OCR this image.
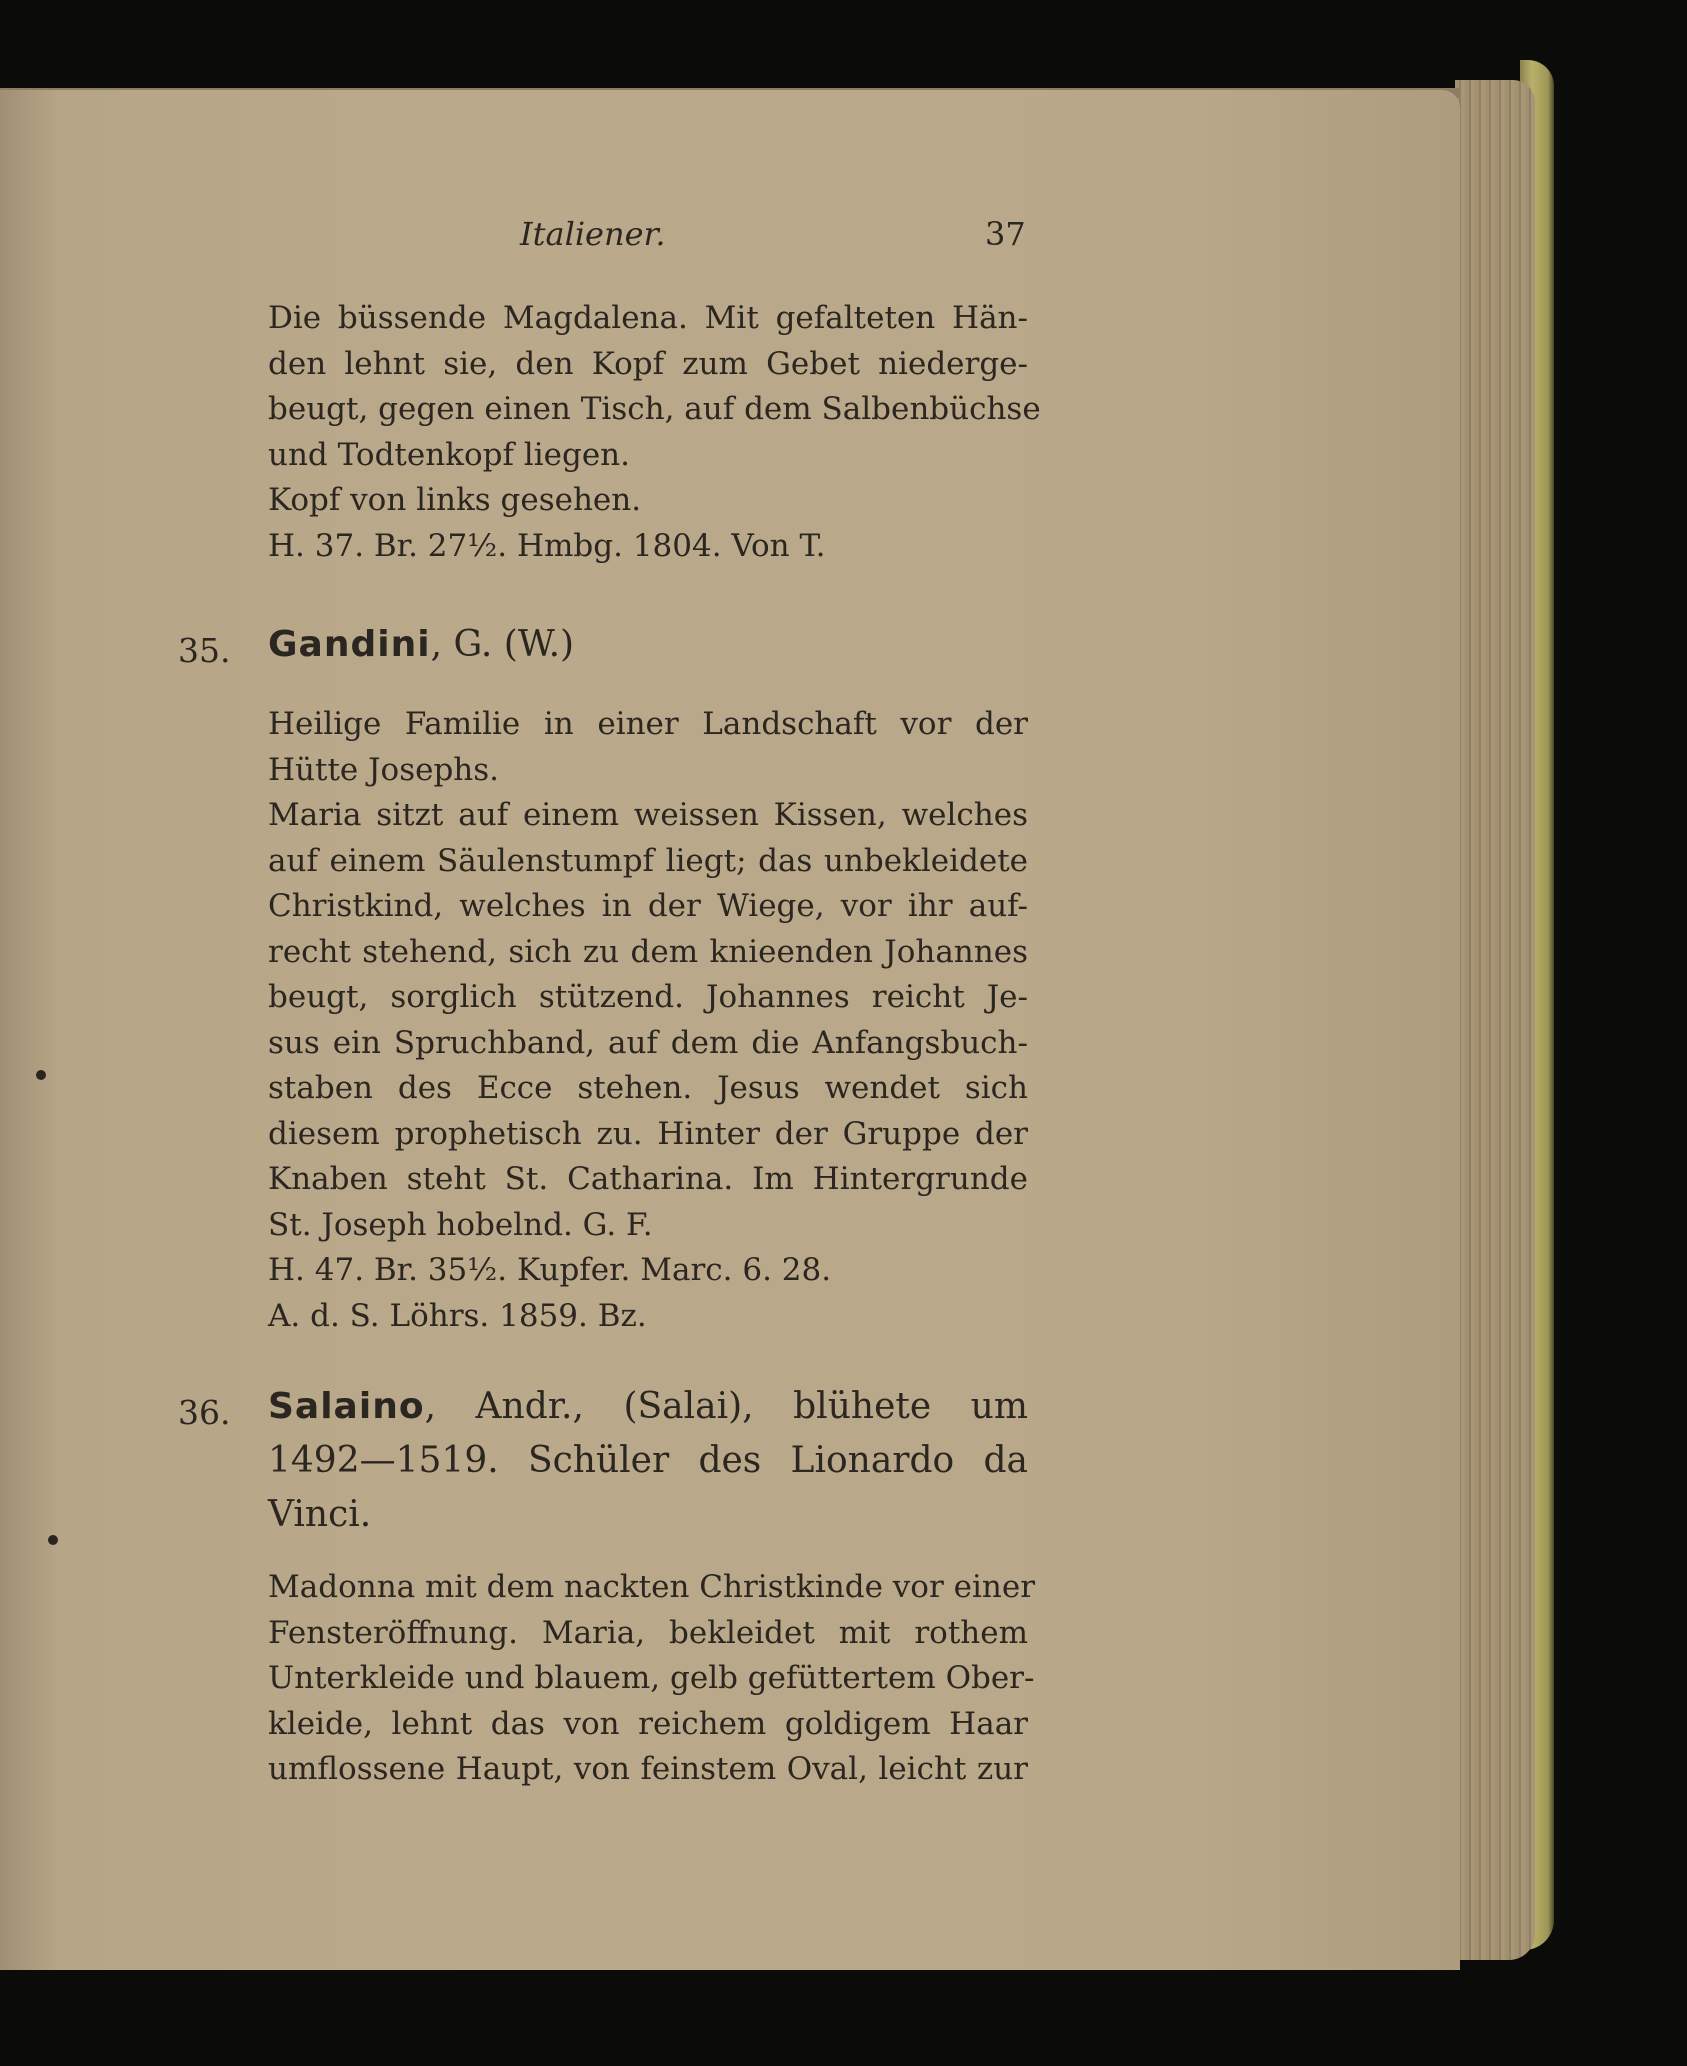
Italiener.	37
Die büssende Magdalena. Mit gefalteten Hän-
den lehnt sie, den Kopf zum Gebet niederge-
beugt, gegen einen Tisch, auf dem Salbenbüchse
und Todtenkopf liegen.
Kopf von links gesehen.
H. 37. Br. 27½. Hmbg. 1804. Von T.
35. Gandini, G. (W.)
Heilige Familie in einer Landschaft vor der
Hütte Josephs.
Maria sitzt auf einem weissen Kissen, welches
auf einem Säulenstumpf liegt; das unbekleidete
Christkind, welches in der Wiege, vor ihr auf-
recht stehend, sich zu dem knieenden Johannes
beugt, sorglich stützend. Johannes reicht Je-
sus ein Spruchband, auf dem die Anfangsbuch-
staben des Ecce stehen. Jesus wendet sich
diesem prophetisch zu. Hinter der Gruppe der
Knaben steht St. Catharina. Im Hintergrunde
St. Joseph hobelnd. G. F.
H. 47. Br. 35½. Kupfer. Marc. 6. 28.
A. d. S. Löhrs. 1859. Bz.
36. Salaino, Andr., (Salai), blühete um
1492—1519. Schüler des Lionardo da
Vinci.
Madonna mit dem nackten Christkinde vor einer
Fensteröffnung. Maria, bekleidet mit rothem
Unterkleide und blauem, gelb gefüttertem Ober-
kleide, lehnt das von reichem goldigem Haar
umflossene Haupt, von feinstem Oval, leicht zur
